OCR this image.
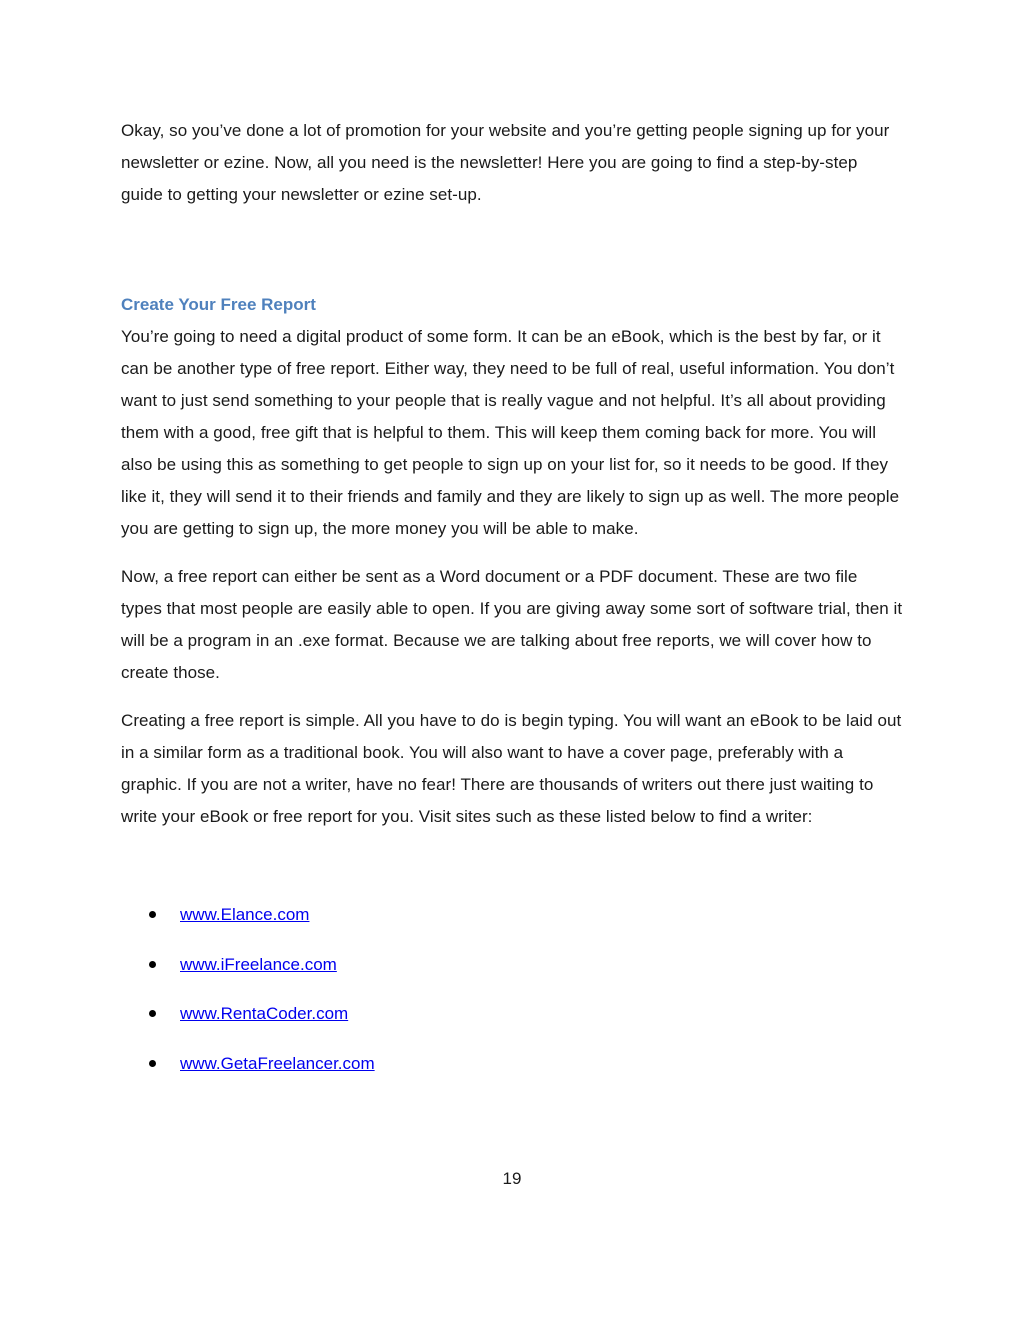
Okay, so you’ve done a lot of promotion for your website and you’re getting people signing up for your newsletter or ezine. Now, all you need is the newsletter! Here you are going to find a step-by-step guide to getting your newsletter or ezine set-up.

Create Your Free Report

You’re going to need a digital product of some form. It can be an eBook, which is the best by far, or it can be another type of free report. Either way, they need to be full of real, useful information. You don’t want to just send something to your people that is really vague and not helpful. It’s all about providing them with a good, free gift that is helpful to them. This will keep them coming back for more. You will also be using this as something to get people to sign up on your list for, so it needs to be good. If they like it, they will send it to their friends and family and they are likely to sign up as well. The more people you are getting to sign up, the more money you will be able to make.

Now, a free report can either be sent as a Word document or a PDF document. These are two file types that most people are easily able to open. If you are giving away some sort of software trial, then it will be a program in an .exe format. Because we are talking about free reports, we will cover how to create those.

Creating a free report is simple. All you have to do is begin typing. You will want an eBook to be laid out in a similar form as a traditional book. You will also want to have a cover page, preferably with a graphic. If you are not a writer, have no fear! There are thousands of writers out there just waiting to write your eBook or free report for you. Visit sites such as these listed below to find a writer:

www.Elance.com
www.iFreelance.com
www.RentaCoder.com
www.GetaFreelancer.com
19
